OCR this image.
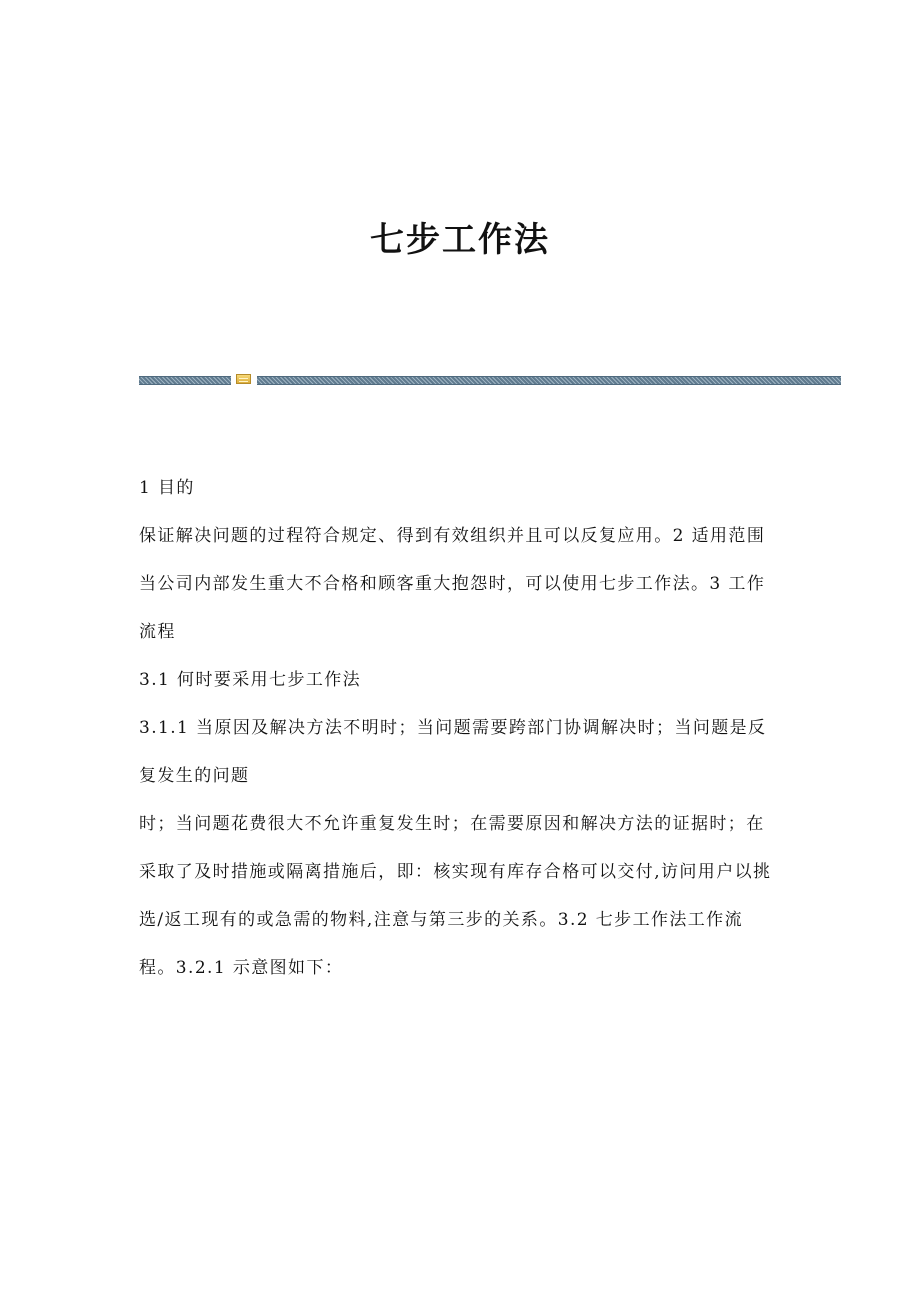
七步工作法

1 目的

保证解决问题的过程符合规定、得到有效组织并且可以反复应用。2 适用范围

当公司内部发生重大不合格和顾客重大抱怨时，可以使用七步工作法。3 工作

流程

3.1 何时要采用七步工作法

3.1.1 当原因及解决方法不明时；当问题需要跨部门协调解决时；当问题是反

复发生的问题

时；当问题花费很大不允许重复发生时；在需要原因和解决方法的证据时；在

采取了及时措施或隔离措施后，即：核实现有库存合格可以交付,访问用户以挑

选/返工现有的或急需的物料,注意与第三步的关系。3.2 七步工作法工作流

程。3.2.1 示意图如下：
